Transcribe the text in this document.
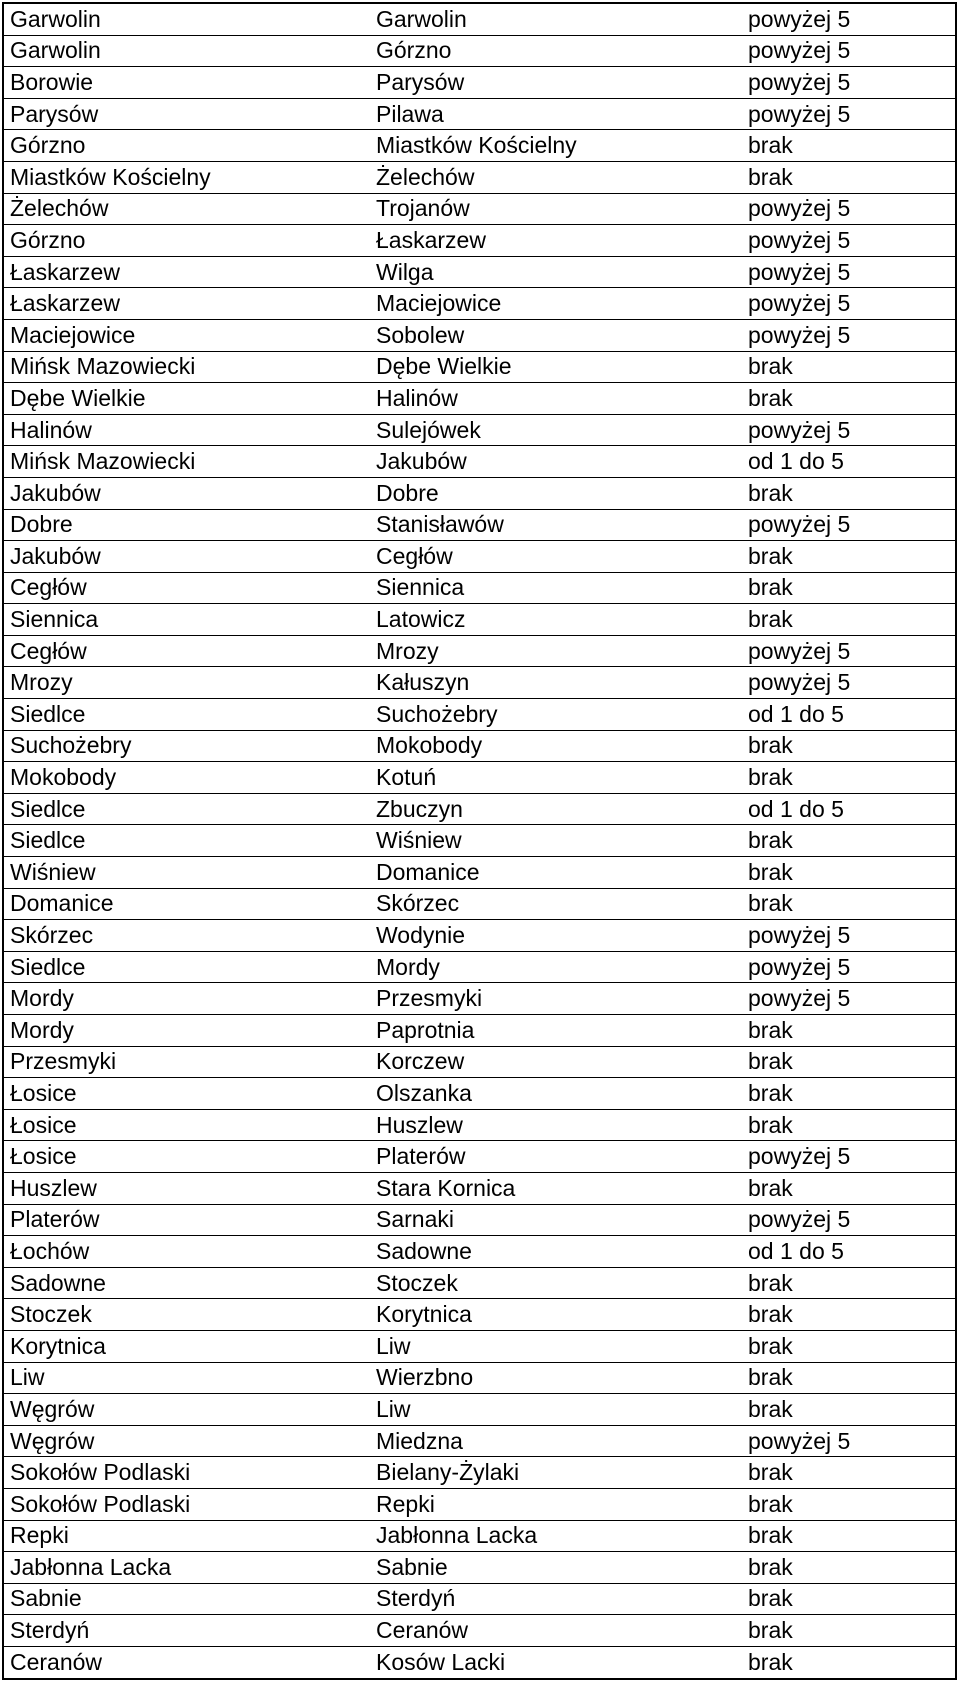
Garwolin	Garwolin	powyżej 5
Garwolin	Górzno	powyżej 5
Borowie	Parysów	powyżej 5
Parysów	Pilawa	powyżej 5
Górzno	Miastków Kościelny	brak
Miastków Kościelny	Żelechów	brak
Żelechów	Trojanów	powyżej 5
Górzno	Łaskarzew	powyżej 5
Łaskarzew	Wilga	powyżej 5
Łaskarzew	Maciejowice	powyżej 5
Maciejowice	Sobolew	powyżej 5
Mińsk Mazowiecki	Dębe Wielkie	brak
Dębe Wielkie	Halinów	brak
Halinów	Sulejówek	powyżej 5
Mińsk Mazowiecki	Jakubów	od 1 do 5
Jakubów	Dobre	brak
Dobre	Stanisławów	powyżej 5
Jakubów	Cegłów	brak
Cegłów	Siennica	brak
Siennica	Latowicz	brak
Cegłów	Mrozy	powyżej 5
Mrozy	Kałuszyn	powyżej 5
Siedlce	Suchożebry	od 1 do 5
Suchożebry	Mokobody	brak
Mokobody	Kotuń	brak
Siedlce	Zbuczyn	od 1 do 5
Siedlce	Wiśniew	brak
Wiśniew	Domanice	brak
Domanice	Skórzec	brak
Skórzec	Wodynie	powyżej 5
Siedlce	Mordy	powyżej 5
Mordy	Przesmyki	powyżej 5
Mordy	Paprotnia	brak
Przesmyki	Korczew	brak
Łosice	Olszanka	brak
Łosice	Huszlew	brak
Łosice	Platerów	powyżej 5
Huszlew	Stara Kornica	brak
Platerów	Sarnaki	powyżej 5
Łochów	Sadowne	od 1 do 5
Sadowne	Stoczek	brak
Stoczek	Korytnica	brak
Korytnica	Liw	brak
Liw	Wierzbno	brak
Węgrów	Liw	brak
Węgrów	Miedzna	powyżej 5
Sokołów Podlaski	Bielany-Żylaki	brak
Sokołów Podlaski	Repki	brak
Repki	Jabłonna Lacka	brak
Jabłonna Lacka	Sabnie	brak
Sabnie	Sterdyń	brak
Sterdyń	Ceranów	brak
Ceranów	Kosów Lacki	brak
